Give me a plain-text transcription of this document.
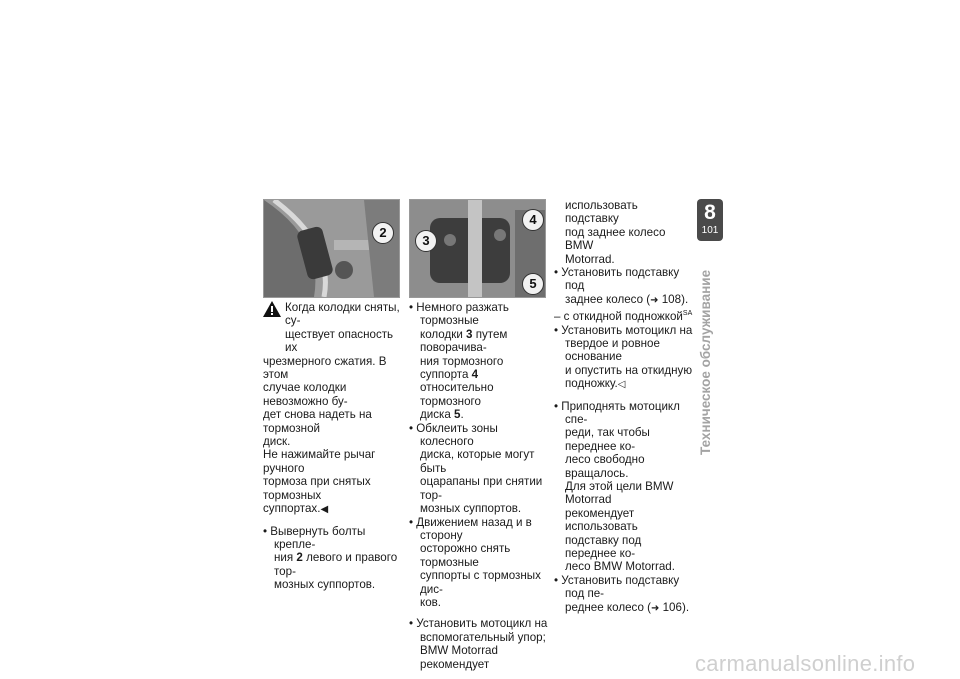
2
4
3
5

Когда колодки сняты, су-

ществует опасность их

чрезмерного сжатия. В этом

случае колодки невозможно бу-

дет снова надеть на тормозной

диск.

Не нажимайте рычаг ручного

тормоза при снятых тормозных

суппортах.◀

• Вывернуть болты крепле-

ния 2 левого и правого тор-

мозных суппортов.

• Немного разжать тормозные

колодки 3 путем поворачива-

ния тормозного суппорта 4

относительно тормозного

диска 5.

• Обклеить зоны колесного

диска, которые могут быть

оцарапаны при снятии тор-

мозных суппортов.

• Движением назад и в сторону

осторожно снять тормозные

суппорты с тормозных дис-

ков.

• Установить мотоцикл на

вспомогательный упор;

BMW Motorrad рекомендует

использовать подставку

под заднее колесо BMW

Motorrad.

• Установить подставку под

заднее колесо (➜ 108).

– с откидной подножкой$^{SA}$

• Установить мотоцикл на

твердое и ровное основание

и опустить на откидную

подножку.◁

• Приподнять мотоцикл спе-

реди, так чтобы переднее ко-

лесо свободно вращалось.

Для этой цели BMW Motorrad

рекомендует использовать

подставку под переднее ко-

лесо BMW Motorrad.

• Установить подставку под пе-

реднее колесо (➜ 106).

8
101
Техническое обслуживание
carmanualsonline.info
